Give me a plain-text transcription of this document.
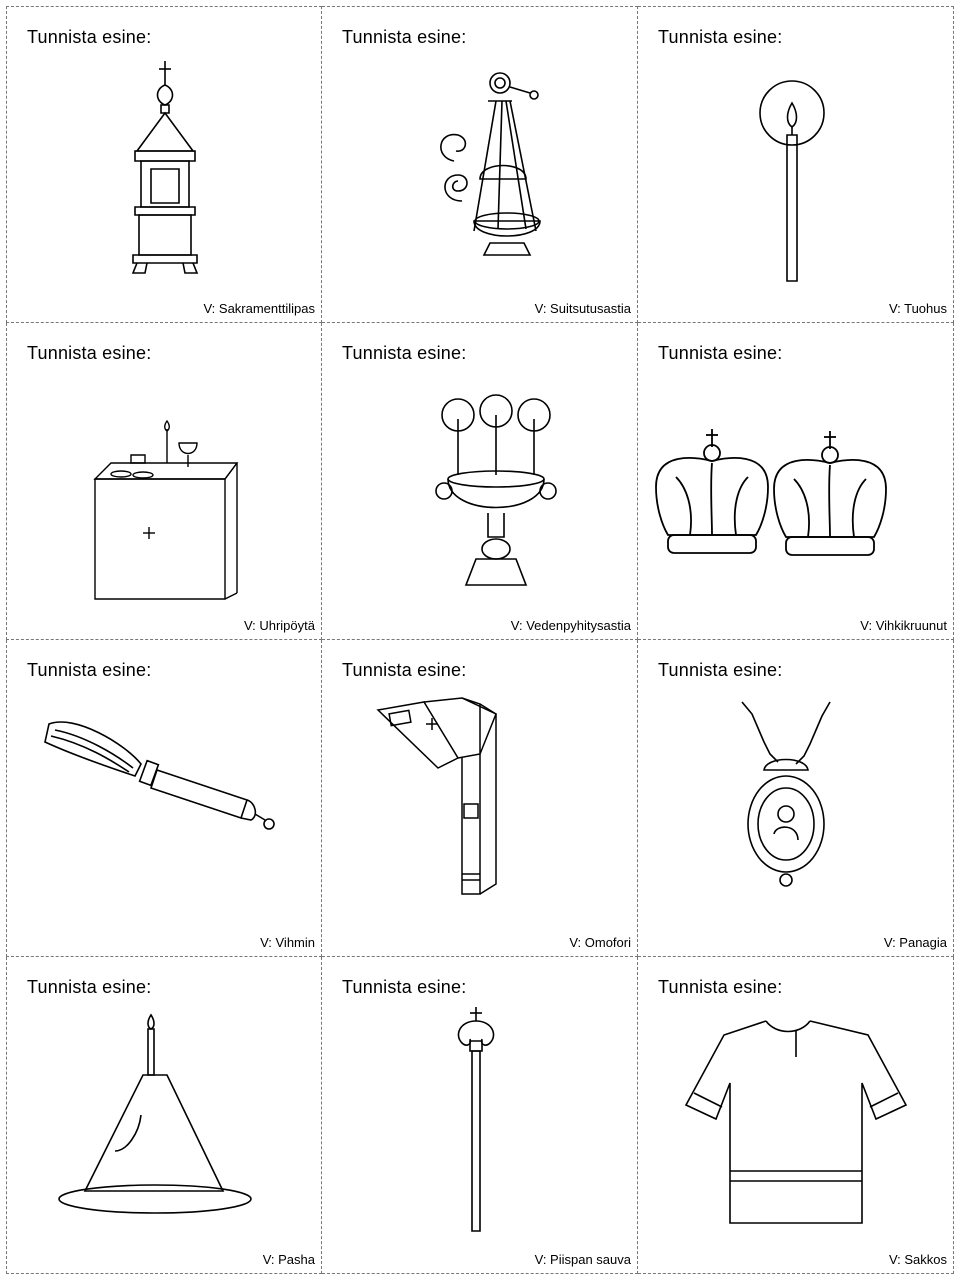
Tunnista esine:
V: Sakramenttilipas
Tunnista esine:
V: Suitsutusastia
Tunnista esine:
V: Tuohus
Tunnista esine:
V: Uhripöytä
Tunnista esine:
V: Vedenpyhitysastia
Tunnista esine:
V: Vihkikruunut
Tunnista esine:
V: Vihmin
Tunnista esine:
V: Omofori
Tunnista esine:
V: Panagia
Tunnista esine:
V: Pasha
Tunnista esine:
V: Piispan sauva
Tunnista esine:
V: Sakkos
